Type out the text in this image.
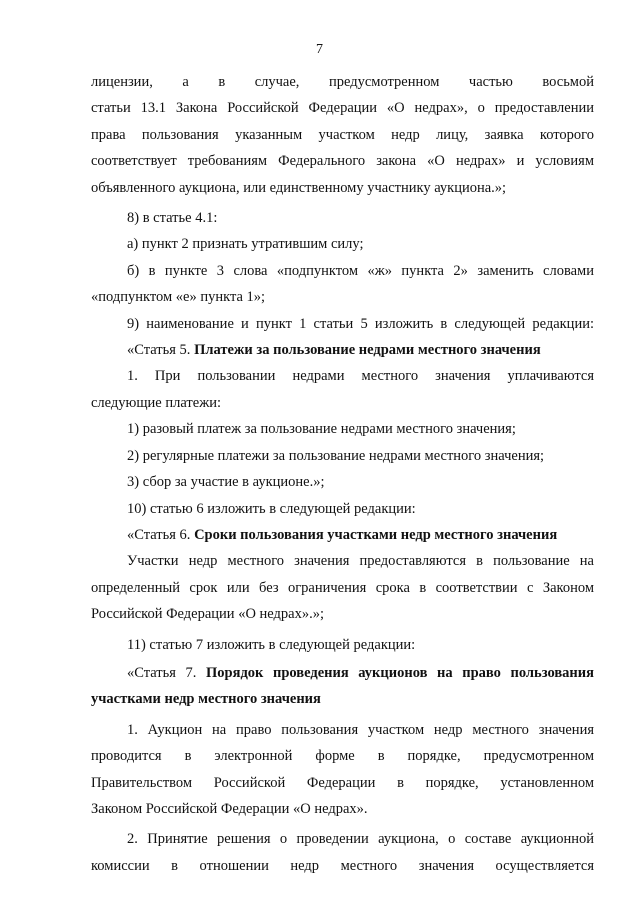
7

лицензии, а в случае, предусмотренном частью восьмой

статьи 13.1 Закона Российской Федерации «О недрах», о предоставлении

права пользования указанным участком недр лицу, заявка которого

соответствует требованиям Федерального закона «О недрах» и условиям

объявленного аукциона, или единственному участнику аукциона.»;

8) в статье 4.1:

а) пункт 2 признать утратившим силу;

б) в пункте 3 слова «подпунктом «ж» пункта 2» заменить словами

«подпунктом «е» пункта 1»;

9) наименование и пункт 1 статьи 5 изложить в следующей редакции:

«Статья 5. Платежи за пользование недрами местного значения

1. При пользовании недрами местного значения уплачиваются

следующие платежи:

1) разовый платеж за пользование недрами местного значения;

2) регулярные платежи за пользование недрами местного значения;

3) сбор за участие в аукционе.»;

10) статью 6 изложить в следующей редакции:

«Статья 6. Сроки пользования участками недр местного значения

Участки недр местного значения предоставляются в пользование на

определенный срок или без ограничения срока в соответствии с Законом

Российской Федерации «О недрах».»;

11) статью 7 изложить в следующей редакции:

«Статья 7. Порядок проведения аукционов на право пользования

участками недр местного значения

1. Аукцион на право пользования участком недр местного значения

проводится в электронной форме в порядке, предусмотренном

Правительством Российской Федерации в порядке, установленном

Законом Российской Федерации «О недрах».

2. Принятие решения о проведении аукциона, о составе аукционной

комиссии в отношении недр местного значения осуществляется
